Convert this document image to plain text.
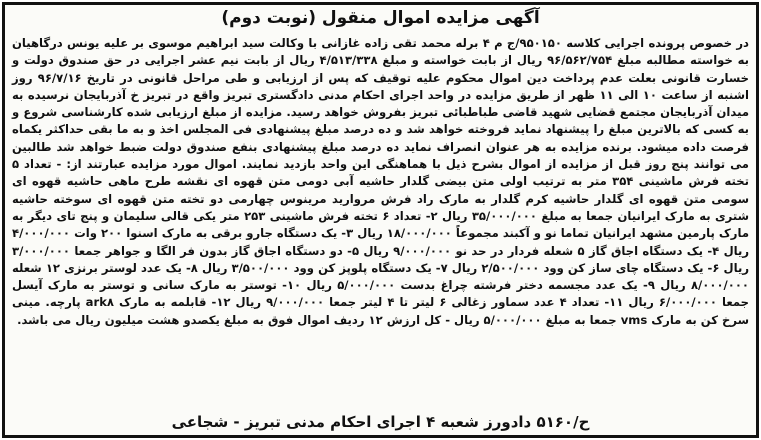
آگهی مزایده اموال منقول (نوبت دوم)

در خصوص پرونده اجرایی کلاسه ۹۵۰۱۵۰/ج م ۴ برله محمد تقی زاده غازانی با وکالت سید ابراهیم موسوی بر علیه یونس درگاهیان به خواسته مطالبه مبلغ ۹۶/۵۶۲/۷۵۴ ریال از بابت خواسته و مبلغ ۴/۵۱۳/۳۳۸ ریال از بابت نیم عشر اجرایی در حق صندوق دولت و خسارت قانونی بعلت عدم پرداخت دین اموال محکوم علیه توقیف که پس از ارزیابی و طی مراحل قانونی در تاریخ ۹۶/۷/۱۶ روز اشنبه از ساعت ۱۰ الی ۱۱ ظهر از طریق مزایده در واحد اجرای احکام مدنی دادگستری تبریز واقع در تبریز خ آذربایجان نرسیده به میدان آذربایجان مجتمع قضایی شهید قاضی طباطبائی تبریز بفروش خواهد رسید. مزایده از مبلغ ارزیابی شده کارشناسی شروع و به کسی که بالاترین مبلغ را پیشنهاد نماید فروخته خواهد شد و ده درصد مبلغ پیشنهادی فی المجلس اخذ و به ما بقی حداکثر یکماه فرصت داده میشود. برنده مزایده به هر عنوان انصراف نماید ده درصد مبلغ پیشنهادی بنفع صندوق دولت ضبط خواهد شد طالبین می توانند پنج روز قبل از مزایده از اموال بشرح ذیل با هماهنگی این واحد بازدید نمایند. اموال مورد مزایده عبارتند از: - تعداد ۵ تخته فرش ماشینی ۳۵۴ متر به ترتیب اولی متن بیضی گلدار حاشیه آبی دومی متن قهوه ای نقشه طرح ماهی حاشیه قهوه ای سومی متن قهوه ای گلدار حاشیه کرم گلدار به مارک راد فرش مروارید مرینوس چهارمی دو تخته متن قهوه ای سوخته حاشیه شتری به مارک ایرانیان جمعا به مبلغ ۳۵/۰۰۰/۰۰۰ ریال ۲- تعداد ۶ تخته فرش ماشینی ۲۵۳ متر یکی قالی سلیمان و پنج تای دیگر به مارک پارمین مشهد ایرانیان تماما نو و آکبند مجموعاً ۱۸/۰۰۰/۰۰۰ ریال ۳- یک دستگاه جارو برقی به مارک اسنوا ۲۰۰ وات ۴/۰۰۰/۰۰۰ ریال ۴- یک دستگاه اجاق گاز ۵ شعله فردار در حد نو ۹/۰۰۰/۰۰۰ ریال ۵- دو دستگاه اجاق گاز بدون فر الگا و جواهر جمعا ۳/۰۰۰/۰۰۰ ریال ۶- یک دستگاه چای ساز کن وود ۲/۵۰۰/۰۰۰ ریال ۷- یک دستگاه پلوپز کن وود ۳/۵۰۰/۰۰۰ ریال ۸- یک عدد لوستر برنزی ۱۲ شعله ۸/۰۰۰/۰۰۰ ریال ۹- یک عدد مجسمه دختر فرشته چراغ بدست ۵/۰۰۰/۰۰۰ ریال ۱۰- توستر به مارک سانی و توستر به مارک آیسل جمعا ۶/۰۰۰/۰۰۰ ریال ۱۱- تعداد ۴ عدد سماور زغالی ۶ لیتر تا ۴ لیتر جمعا ۹/۰۰۰/۰۰۰ ریال ۱۲- قابلمه به مارک ark۸ پارچه. مینی سرخ کن به مارک vms جمعا به مبلغ ۵/۰۰۰/۰۰۰ ریال - کل ارزش ۱۲ ردیف اموال فوق به مبلغ یکصدو هشت میلیون ریال می باشد.

ح/۵۱۶۰ دادورز شعبه ۴ اجرای احکام مدنی تبریز - شجاعی
